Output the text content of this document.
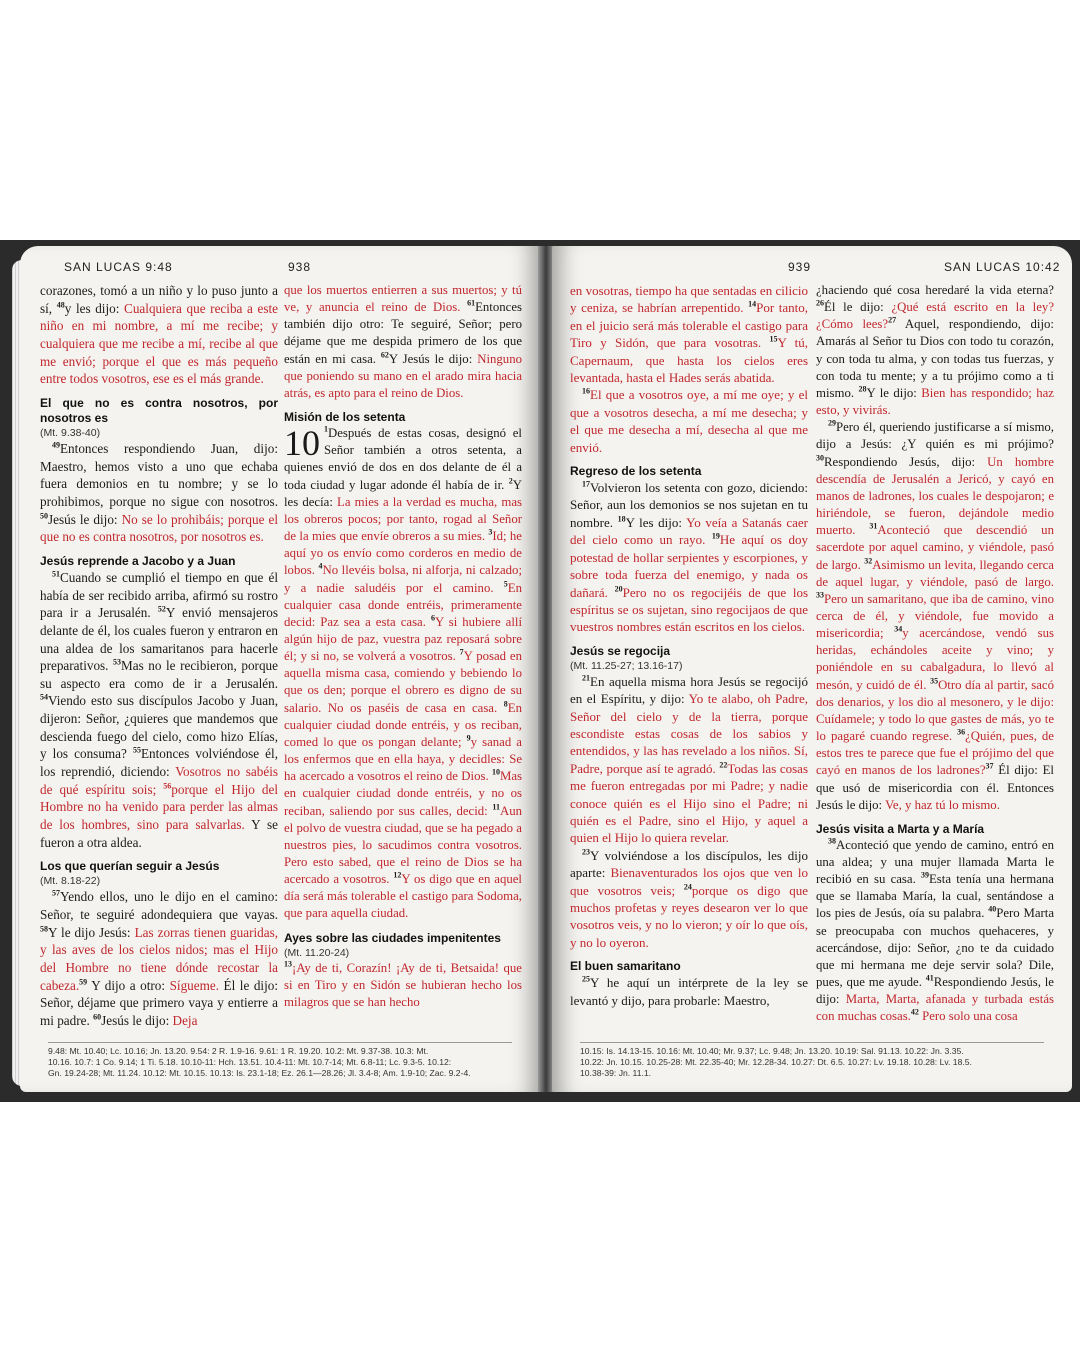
SAN LUCAS 9:48	938

corazones, tomó a un niño y lo puso junto a sí, $^{48}$y les dijo: Cualquiera que reciba a este niño en mi nombre, a mí me recibe; y cualquiera que me recibe a mí, recibe al que me envió; porque el que es más pequeño entre todos vosotros, ese es el más grande.

El que no es contra nosotros, por nosotros es
(Mt. 9.38-40)

$^{49}$Entonces respondiendo Juan, dijo: Maestro, hemos visto a uno que echaba fuera demonios en tu nombre; y se lo prohibimos, porque no sigue con nosotros. $^{50}$Jesús le dijo: No se lo prohibáis; porque el que no es contra nosotros, por nosotros es.

Jesús reprende a Jacobo y a Juan

$^{51}$Cuando se cumplió el tiempo en que él había de ser recibido arriba, afirmó su rostro para ir a Jerusalén. $^{52}$Y envió mensajeros delante de él, los cuales fueron y entraron en una aldea de los samaritanos para hacerle preparativos. $^{53}$Mas no le recibieron, porque su aspecto era como de ir a Jerusalén. $^{54}$Viendo esto sus discípulos Jacobo y Juan, dijeron: Señor, ¿quieres que mandemos que descienda fuego del cielo, como hizo Elías, y los consuma? $^{55}$Entonces volviéndose él, los reprendió, diciendo: Vosotros no sabéis de qué espíritu sois; $^{56}$porque el Hijo del Hombre no ha venido para perder las almas de los hombres, sino para salvarlas. Y se fueron a otra aldea.

Los que querían seguir a Jesús
(Mt. 8.18-22)

$^{57}$Yendo ellos, uno le dijo en el camino: Señor, te seguiré adondequiera que vayas. $^{58}$Y le dijo Jesús: Las zorras tienen guaridas, y las aves de los cielos nidos; mas el Hijo del Hombre no tiene dónde recostar la cabeza.$^{59}$ Y dijo a otro: Sígueme. Él le dijo: Señor, déjame que primero vaya y entierre a mi padre. $^{60}$Jesús le dijo: Deja

que los muertos entierren a sus muertos; y tú ve, y anuncia el reino de Dios. $^{61}$Entonces también dijo otro: Te seguiré, Señor; pero déjame que me despida primero de los que están en mi casa. $^{62}$Y Jesús le dijo: Ninguno que poniendo su mano en el arado mira hacia atrás, es apto para el reino de Dios.

Misión de los setenta

10 $^1$Después de estas cosas, designó el Señor también a otros setenta, a quienes envió de dos en dos delante de él a toda ciudad y lugar adonde él había de ir. $^2$Y les decía: La mies a la verdad es mucha, mas los obreros pocos; por tanto, rogad al Señor de la mies que envíe obreros a su mies. $^3$Id; he aquí yo os envío como corderos en medio de lobos. $^4$No llevéis bolsa, ni alforja, ni calzado; y a nadie saludéis por el camino. $^5$En cualquier casa donde entréis, primeramente decid: Paz sea a esta casa. $^6$Y si hubiere allí algún hijo de paz, vuestra paz reposará sobre él; y si no, se volverá a vosotros. $^7$Y posad en aquella misma casa, comiendo y bebiendo lo que os den; porque el obrero es digno de su salario. No os paséis de casa en casa. $^8$En cualquier ciudad donde entréis, y os reciban, comed lo que os pongan delante; $^9$y sanad a los enfermos que en ella haya, y decidles: Se ha acercado a vosotros el reino de Dios. $^{10}$Mas en cualquier ciudad donde entréis, y no os reciban, saliendo por sus calles, decid: $^{11}$Aun el polvo de vuestra ciudad, que se ha pegado a nuestros pies, lo sacudimos contra vosotros. Pero esto sabed, que el reino de Dios se ha acercado a vosotros. $^{12}$Y os digo que en aquel día será más tolerable el castigo para Sodoma, que para aquella ciudad.

Ayes sobre las ciudades impenitentes
(Mt. 11.20-24)

$^{13}$¡Ay de ti, Corazín! ¡Ay de ti, Betsaida! que si en Tiro y en Sidón se hubieran hecho los milagros que se han hecho

9.48: Mt. 10.40; Lc. 10.16; Jn. 13.20. 9.54: 2 R. 1.9-16. 9.61: 1 R. 19.20. 10.2: Mt. 9.37-38. 10.3: Mt.
10.16. 10.7: 1 Co. 9.14; 1 Ti. 5.18. 10.10-11: Hch. 13.51. 10.4-11: Mt. 10.7-14; Mt. 6.8-11; Lc. 9.3-5. 10.12:
Gn. 19.24-28; Mt. 11.24. 10.12: Mt. 10.15. 10.13: Is. 23.1-18; Ez. 26.1—28.26; Jl. 3.4-8; Am. 1.9-10; Zac. 9.2-4.
939	SAN LUCAS 10:42

en vosotras, tiempo ha que sentadas en cilicio y ceniza, se habrían arrepentido. $^{14}$Por tanto, en el juicio será más tolerable el castigo para Tiro y Sidón, que para vosotras. $^{15}$Y tú, Capernaum, que hasta los cielos eres levantada, hasta el Hades serás abatida.

$^{16}$El que a vosotros oye, a mí me oye; y el que a vosotros desecha, a mí me desecha; y el que me desecha a mí, desecha al que me envió.

Regreso de los setenta

$^{17}$Volvieron los setenta con gozo, diciendo: Señor, aun los demonios se nos sujetan en tu nombre. $^{18}$Y les dijo: Yo veía a Satanás caer del cielo como un rayo. $^{19}$He aquí os doy potestad de hollar serpientes y escorpiones, y sobre toda fuerza del enemigo, y nada os dañará. $^{20}$Pero no os regocijéis de que los espíritus se os sujetan, sino regocijaos de que vuestros nombres están escritos en los cielos.

Jesús se regocija
(Mt. 11.25-27; 13.16-17)

$^{21}$En aquella misma hora Jesús se regocijó en el Espíritu, y dijo: Yo te alabo, oh Padre, Señor del cielo y de la tierra, porque escondiste estas cosas de los sabios y entendidos, y las has revelado a los niños. Sí, Padre, porque así te agradó. $^{22}$Todas las cosas me fueron entregadas por mi Padre; y nadie conoce quién es el Hijo sino el Padre; ni quién es el Padre, sino el Hijo, y aquel a quien el Hijo lo quiera revelar.

$^{23}$Y volviéndose a los discípulos, les dijo aparte: Bienaventurados los ojos que ven lo que vosotros veis; $^{24}$porque os digo que muchos profetas y reyes desearon ver lo que vosotros veis, y no lo vieron; y oír lo que oís, y no lo oyeron.

El buen samaritano

$^{25}$Y he aquí un intérprete de la ley se levantó y dijo, para probarle: Maestro,

¿haciendo qué cosa heredaré la vida eterna? $^{26}$Él le dijo: ¿Qué está escrito en la ley? ¿Cómo lees?$^{27}$ Aquel, respondiendo, dijo: Amarás al Señor tu Dios con todo tu corazón, y con toda tu alma, y con todas tus fuerzas, y con toda tu mente; y a tu prójimo como a ti mismo. $^{28}$Y le dijo: Bien has respondido; haz esto, y vivirás.

$^{29}$Pero él, queriendo justificarse a sí mismo, dijo a Jesús: ¿Y quién es mi prójimo? $^{30}$Respondiendo Jesús, dijo: Un hombre descendía de Jerusalén a Jericó, y cayó en manos de ladrones, los cuales le despojaron; e hiriéndole, se fueron, dejándole medio muerto. $^{31}$Aconteció que descendió un sacerdote por aquel camino, y viéndole, pasó de largo. $^{32}$Asimismo un levita, llegando cerca de aquel lugar, y viéndole, pasó de largo. $^{33}$Pero un samaritano, que iba de camino, vino cerca de él, y viéndole, fue movido a misericordia; $^{34}$y acercándose, vendó sus heridas, echándoles aceite y vino; y poniéndole en su cabalgadura, lo llevó al mesón, y cuidó de él. $^{35}$Otro día al partir, sacó dos denarios, y los dio al mesonero, y le dijo: Cuídamele; y todo lo que gastes de más, yo te lo pagaré cuando regrese. $^{36}$¿Quién, pues, de estos tres te parece que fue el prójimo del que cayó en manos de los ladrones?$^{37}$ Él dijo: El que usó de misericordia con él. Entonces Jesús le dijo: Ve, y haz tú lo mismo.

Jesús visita a Marta y a María

$^{38}$Aconteció que yendo de camino, entró en una aldea; y una mujer llamada Marta le recibió en su casa. $^{39}$Esta tenía una hermana que se llamaba María, la cual, sentándose a los pies de Jesús, oía su palabra. $^{40}$Pero Marta se preocupaba con muchos quehaceres, y acercándose, dijo: Señor, ¿no te da cuidado que mi hermana me deje servir sola? Dile, pues, que me ayude. $^{41}$Respondiendo Jesús, le dijo: Marta, Marta, afanada y turbada estás con muchas cosas.$^{42}$ Pero solo una cosa

10.15: Is. 14.13-15. 10.16: Mt. 10.40; Mr. 9.37; Lc. 9.48; Jn. 13.20. 10.19: Sal. 91.13. 10.22: Jn. 3.35.
10.22: Jn. 10.15. 10.25-28: Mt. 22.35-40; Mr. 12.28-34. 10.27: Dt. 6.5. 10.27: Lv. 19.18. 10.28: Lv. 18.5.
10.38-39: Jn. 11.1.
